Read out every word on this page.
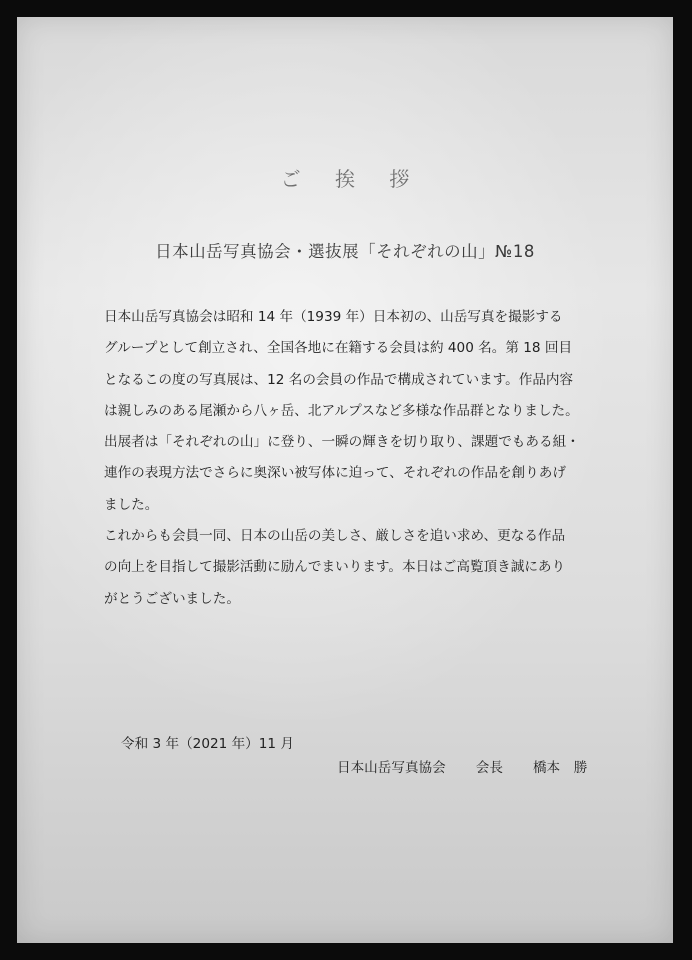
ご 挨 拶
日本山岳写真協会・選抜展「それぞれの山」№18
日本山岳写真協会は昭和 14 年（1939 年）日本初の、山岳写真を撮影する
グループとして創立され、全国各地に在籍する会員は約 400 名。第 18 回目
となるこの度の写真展は、12 名の会員の作品で構成されています。作品内容
は親しみのある尾瀬から八ヶ岳、北アルプスなど多様な作品群となりました。
出展者は「それぞれの山」に登り、一瞬の輝きを切り取り、課題でもある組・
連作の表現方法でさらに奥深い被写体に迫って、それぞれの作品を創りあげ
ました。
これからも会員一同、日本の山岳の美しさ、厳しさを追い求め、更なる作品
の向上を目指して撮影活動に励んでまいります。本日はご高覧頂き誠にあり
がとうございました。
令和 3 年（2021 年）11 月
日本山岳写真協会 会長 橋本　勝
